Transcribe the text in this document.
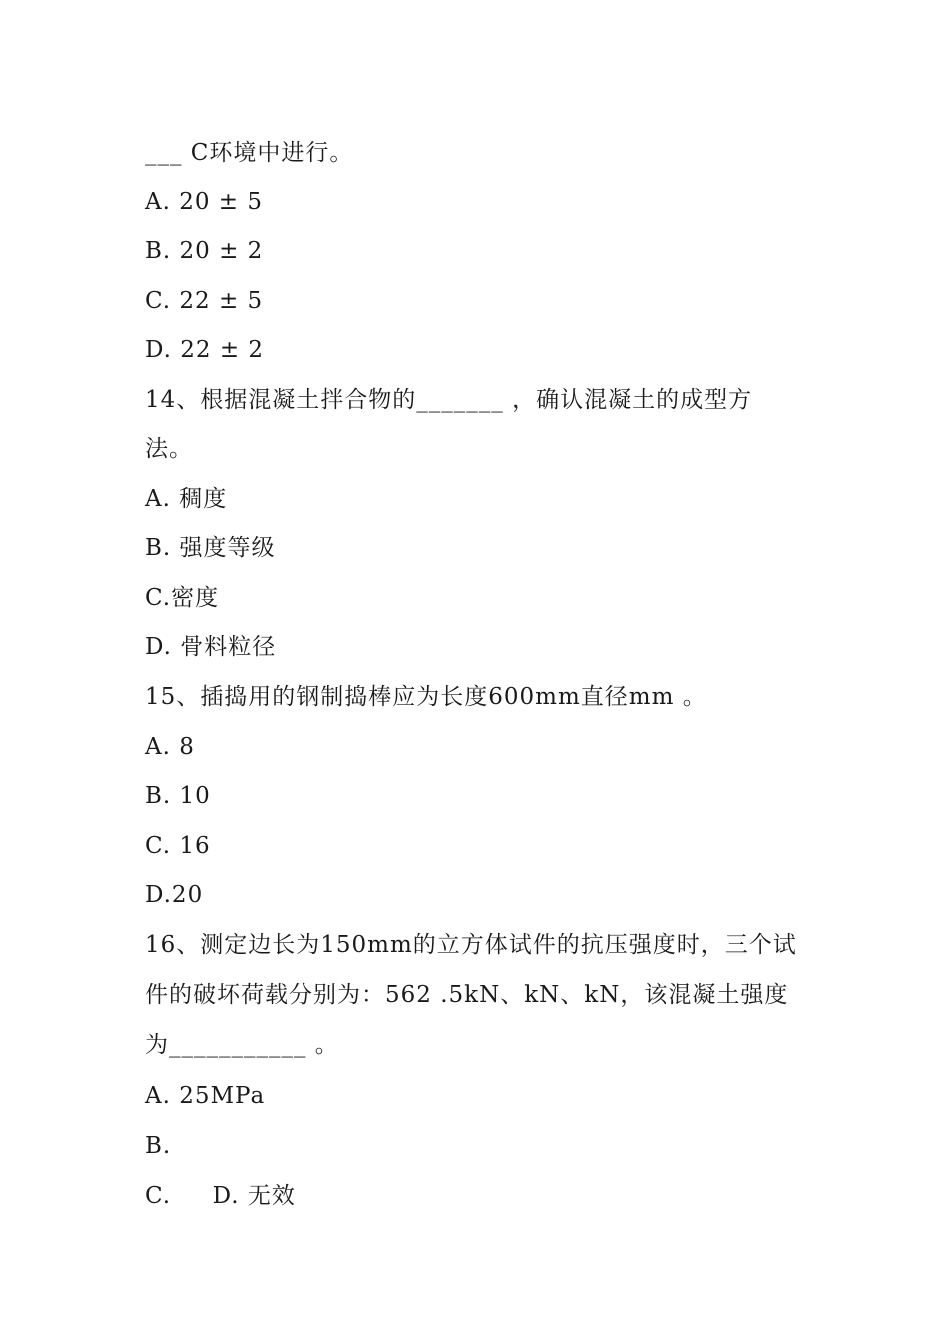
___ C环境中进行。
A. 20 ± 5
B. 20 ± 2
C. 22 ± 5
D. 22 ± 2
14、根据混凝土拌合物的_______ ，确认混凝土的成型方
法。
A. 稠度
B. 强度等级
C.密度
D. 骨料粒径
15、插捣用的钢制捣棒应为长度600mm直径mm 。
A. 8
B. 10
C. 16
D.20
16、测定边长为150mm的立方体试件的抗压强度时，三个试
件的破坏荷载分别为：562 .5kN、kN、kN，该混凝土强度
为___________ 。
A. 25MPa
B.
C.     D. 无效
